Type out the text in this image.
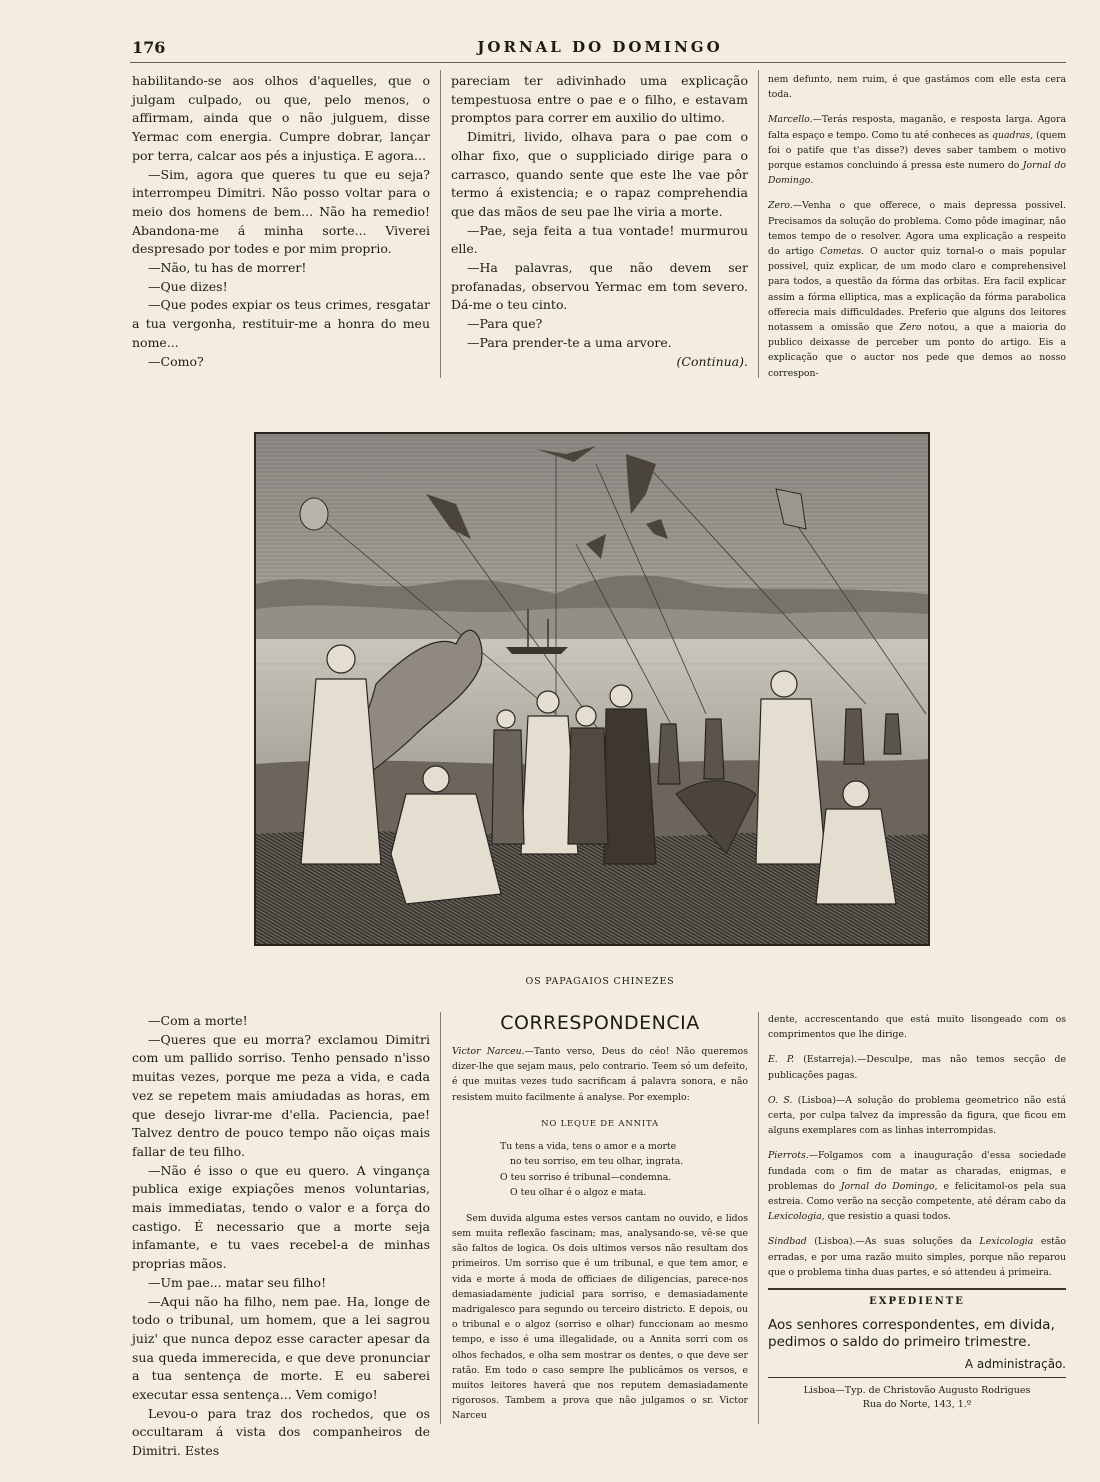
176	JORNAL DO DOMINGO

habilitando-se aos olhos d'aquelles, que o julgam culpado, ou que, pelo menos, o affirmam, ainda que o não julguem, disse Yermac com energia. Cumpre dobrar, lançar por terra, calcar aos pés a injustiça. E agora...

—Sim, agora que queres tu que eu seja? interrompeu Dimitri. Não posso voltar para o meio dos homens de bem... Não ha remedio! Abandona-me á minha sorte... Viverei despresado por todes e por mim proprio.

—Não, tu has de morrer!

—Que dizes!

—Que podes expiar os teus crimes, resgatar a tua vergonha, restituir-me a honra do meu nome...

—Como?

pareciam ter adivinhado uma explicação tempestuosa entre o pae e o filho, e estavam promptos para correr em auxilio do ultimo.

Dimitri, livido, olhava para o pae com o olhar fixo, que o suppliciado dirige para o carrasco, quando sente que este lhe vae pôr termo á existencia; e o rapaz comprehendia que das mãos de seu pae lhe viria a morte.

—Pae, seja feita a tua vontade! murmurou elle.

—Ha palavras, que não devem ser profanadas, observou Yermac em tom severo. Dá-me o teu cinto.

—Para que?

—Para prender-te a uma arvore.

(Continua).

nem defunto, nem ruim, é que gastámos com elle esta cera toda.

Marcello.—Terás resposta, maganão, e resposta larga. Agora falta espaço e tempo. Como tu até conheces as quadras, (quem foi o patife que t'as disse?) deves saber tambem o motivo porque estamos concluindo á pressa este numero do Jornal do Domingo.

Zero.—Venha o que offerece, o mais depressa possivel. Precisamos da solução do problema. Como pôde imaginar, não temos tempo de o resolver. Agora uma explicação a respeito do artigo Cometas. O auctor quiz tornal-o o mais popular possivel, quiz explicar, de um modo claro e comprehensivel para todos, a questão da fórma das orbitas. Era facil explicar assim a fórma elliptica, mas a explicação da fórma parabolica offerecia mais difficuldades. Preferio que alguns dos leitores notassem a omissão que Zero notou, a que a maioria do publico deixasse de perceber um ponto do artigo. Eis a explicação que o auctor nos pede que demos ao nosso correspon-

OS PAPAGAIOS CHINEZES

—Com a morte!

—Queres que eu morra? exclamou Dimitri com um pallido sorriso. Tenho pensado n'isso muitas vezes, porque me peza a vida, e cada vez se repetem mais amiudadas as horas, em que desejo livrar-me d'ella. Paciencia, pae! Talvez dentro de pouco tempo não oiças mais fallar de teu filho.

—Não é isso o que eu quero. A vingança publica exige expiações menos voluntarias, mais immediatas, tendo o valor e a força do castigo. É necessario que a morte seja infamante, e tu vaes recebel-a de minhas proprias mãos.

—Um pae... matar seu filho!

—Aqui não ha filho, nem pae. Ha, longe de todo o tribunal, um homem, que a lei sagrou juiz' que nunca depoz esse caracter apesar da sua queda immerecida, e que deve pronunciar a tua sentença de morte. E eu saberei executar essa sentença... Vem comigo!

Levou-o para traz dos rochedos, que os occultaram á vista dos companheiros de Dimitri. Estes

CORRESPONDENCIA

Victor Narceu.—Tanto verso, Deus do céo! Não queremos dizer-lhe que sejam maus, pelo contrario. Teem só um defeito, é que muitas vezes tudo sacrificam á palavra sonora, e não resistem muito facilmente á analyse. Por exemplo:

NO LEQUE DE ANNITA
Tu tens a vida, tens o amor e a morte
no teu sorriso, em teu olhar, ingrata.
O teu sorriso é tribunal—condemna.
O teu olhar é o algoz e mata.

Sem duvida alguma estes versos cantam no ouvido, e lidos sem muita reflexão fascinam; mas, analysando-se, vê-se que são faltos de logica. Os dois ultimos versos não resultam dos primeiros. Um sorriso que é um tribunal, e que tem amor, e vida e morte á moda de officiaes de diligencias, parece-nos demasiadamente judicial para sorriso, e demasiadamente madrigalesco para segundo ou terceiro districto. E depois, ou o tribunal e o algoz (sorriso e olhar) funccionam ao mesmo tempo, e isso é uma illegalidade, ou a Annita sorri com os olhos fechados, e olha sem mostrar os dentes, o que deve ser ratão. Em todo o caso sempre lhe publicámos os versos, e muitos leitores haverá que nos reputem demasiadamente rigorosos. Tambem a prova que não julgamos o sr. Victor Narceu

dente, accrescentando que está muito lisongeado com os comprimentos que lhe dirige.

E. P. (Estarreja).—Desculpe, mas não temos secção de publicações pagas.

O. S. (Lisboa)—A solução do problema geometrico não está certa, por culpa talvez da impressão da figura, que ficou em alguns exemplares com as linhas interrompidas.

Pierrots.—Folgamos com a inauguração d'essa sociedade fundada com o fim de matar as charadas, enigmas, e problemas do Jornal do Domingo, e felicitamol-os pela sua estreia. Como verão na secção competente, até déram cabo da Lexicologia, que resistio a quasi todos.

Sindbad (Lisboa).—As suas soluções da Lexicologia estão erradas, e por uma razão muito simples, porque não reparou que o problema tinha duas partes, e só attendeu á primeira.

EXPEDIENTE
Aos senhores correspondentes, em divida, pedimos o saldo do primeiro trimestre.
A administração.
Lisboa—Typ. de Christovão Augusto Rodrigues
Rua do Norte, 143, 1.º
